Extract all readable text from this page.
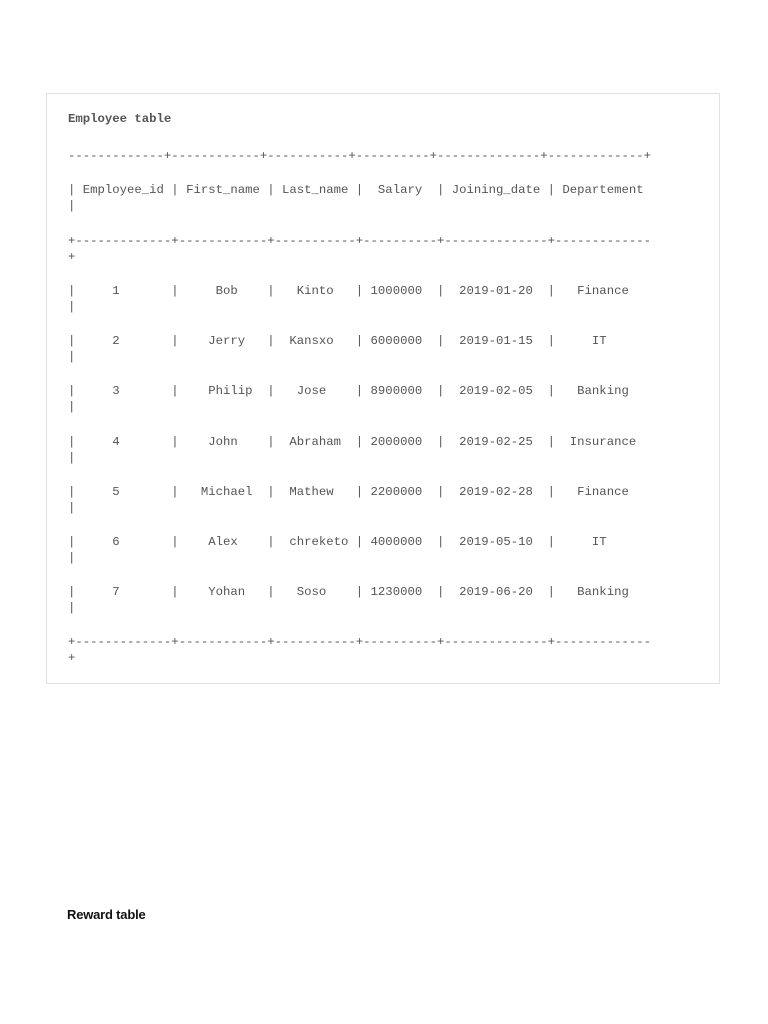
Employee table

-------------+------------+-----------+----------+--------------+-------------+

| Employee_id | First_name | Last_name |  Salary  | Joining_date | Departement

|

+-------------+------------+-----------+----------+--------------+-------------

+

|     1       |     Bob    |   Kinto   | 1000000  |  2019-01-20  |   Finance

|

|     2       |    Jerry   |  Kansxo   | 6000000  |  2019-01-15  |     IT

|

|     3       |    Philip  |   Jose    | 8900000  |  2019-02-05  |   Banking

|

|     4       |    John    |  Abraham  | 2000000  |  2019-02-25  |  Insurance

|

|     5       |   Michael  |  Mathew   | 2200000  |  2019-02-28  |   Finance

|

|     6       |    Alex    |  chreketo | 4000000  |  2019-05-10  |     IT

|

|     7       |    Yohan   |   Soso    | 1230000  |  2019-06-20  |   Banking

|

+-------------+------------+-----------+----------+--------------+-------------

+

Reward table
